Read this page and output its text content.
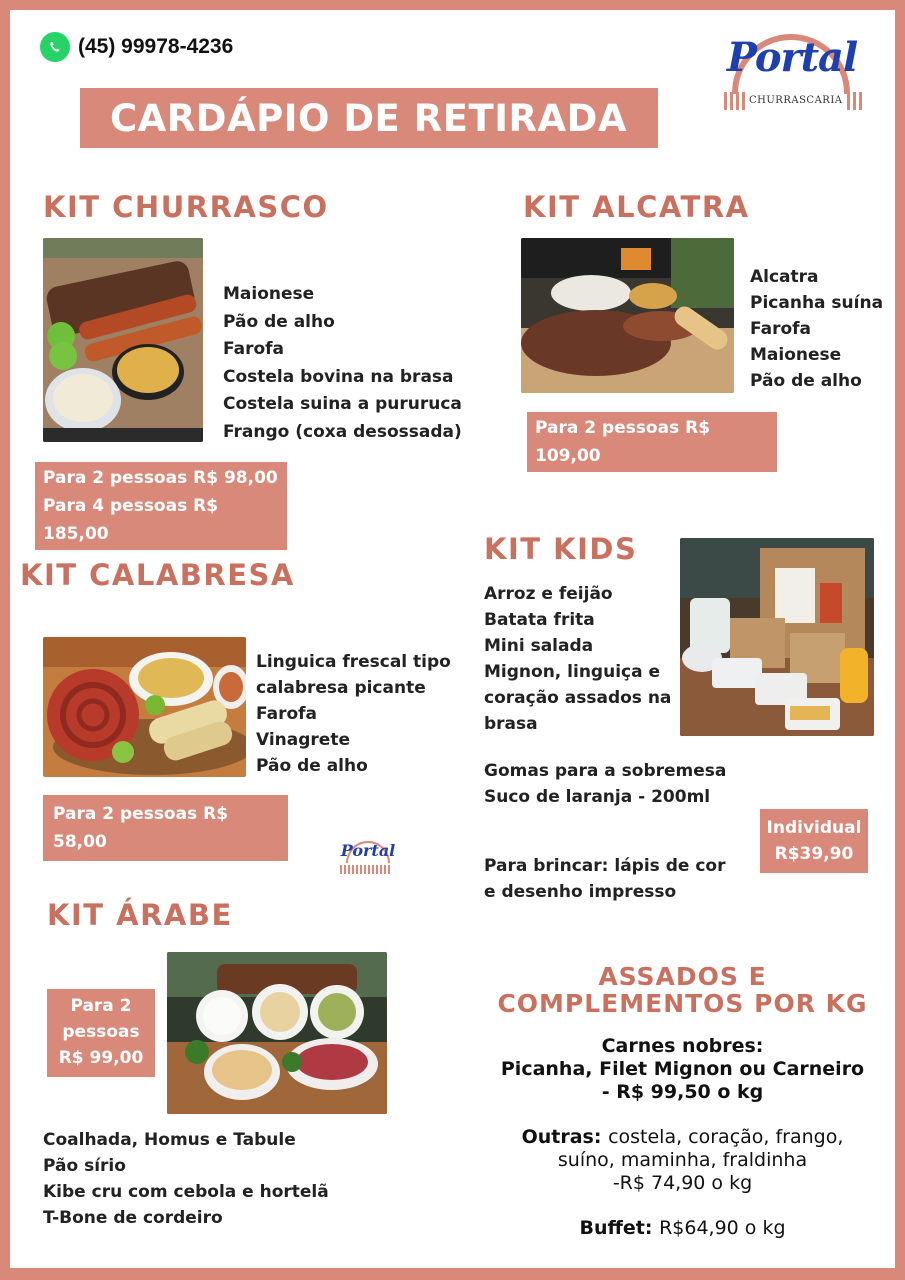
(45) 99978-4236	Portal
CHURRASCARIA
CARDÁPIO DE RETIRADA
KIT CHURRASCO
Maionese
Pão de alho
Farofa
Costela bovina na brasa
Costela suina a pururuca
Frango (coxa desossada)
Para 2 pessoas R$ 98,00
Para 4 pessoas R$ 185,00
KIT ALCATRA
Alcatra
Picanha suína
Farofa
Maionese
Pão de alho
Para 2 pessoas R$ 109,00
KIT CALABRESA
Linguica frescal tipo
calabresa picante
Farofa
Vinagrete
Pão de alho
Para 2 pessoas R$ 58,00	Portal
KIT KIDS
Arroz e feijão
Batata frita
Mini salada
Mignon, linguiça e
coração assados na
brasa
Gomas para a sobremesa
Suco de laranja - 200ml
Para brincar: lápis de cor
e desenho impresso
Individual
R$39,90
KIT ÁRABE
Para 2
pessoas
R$ 99,00
Coalhada, Homus e Tabule
Pão sírio
Kibe cru com cebola e hortelã
T-Bone de cordeiro
ASSADOS E
COMPLEMENTOS POR KG
Carnes nobres:
Picanha, Filet Mignon ou Carneiro
- R$ 99,50 o kg
Outras: costela, coração, frango,
suíno, maminha, fraldinha
-R$ 74,90 o kg
Buffet: R$64,90 o kg
